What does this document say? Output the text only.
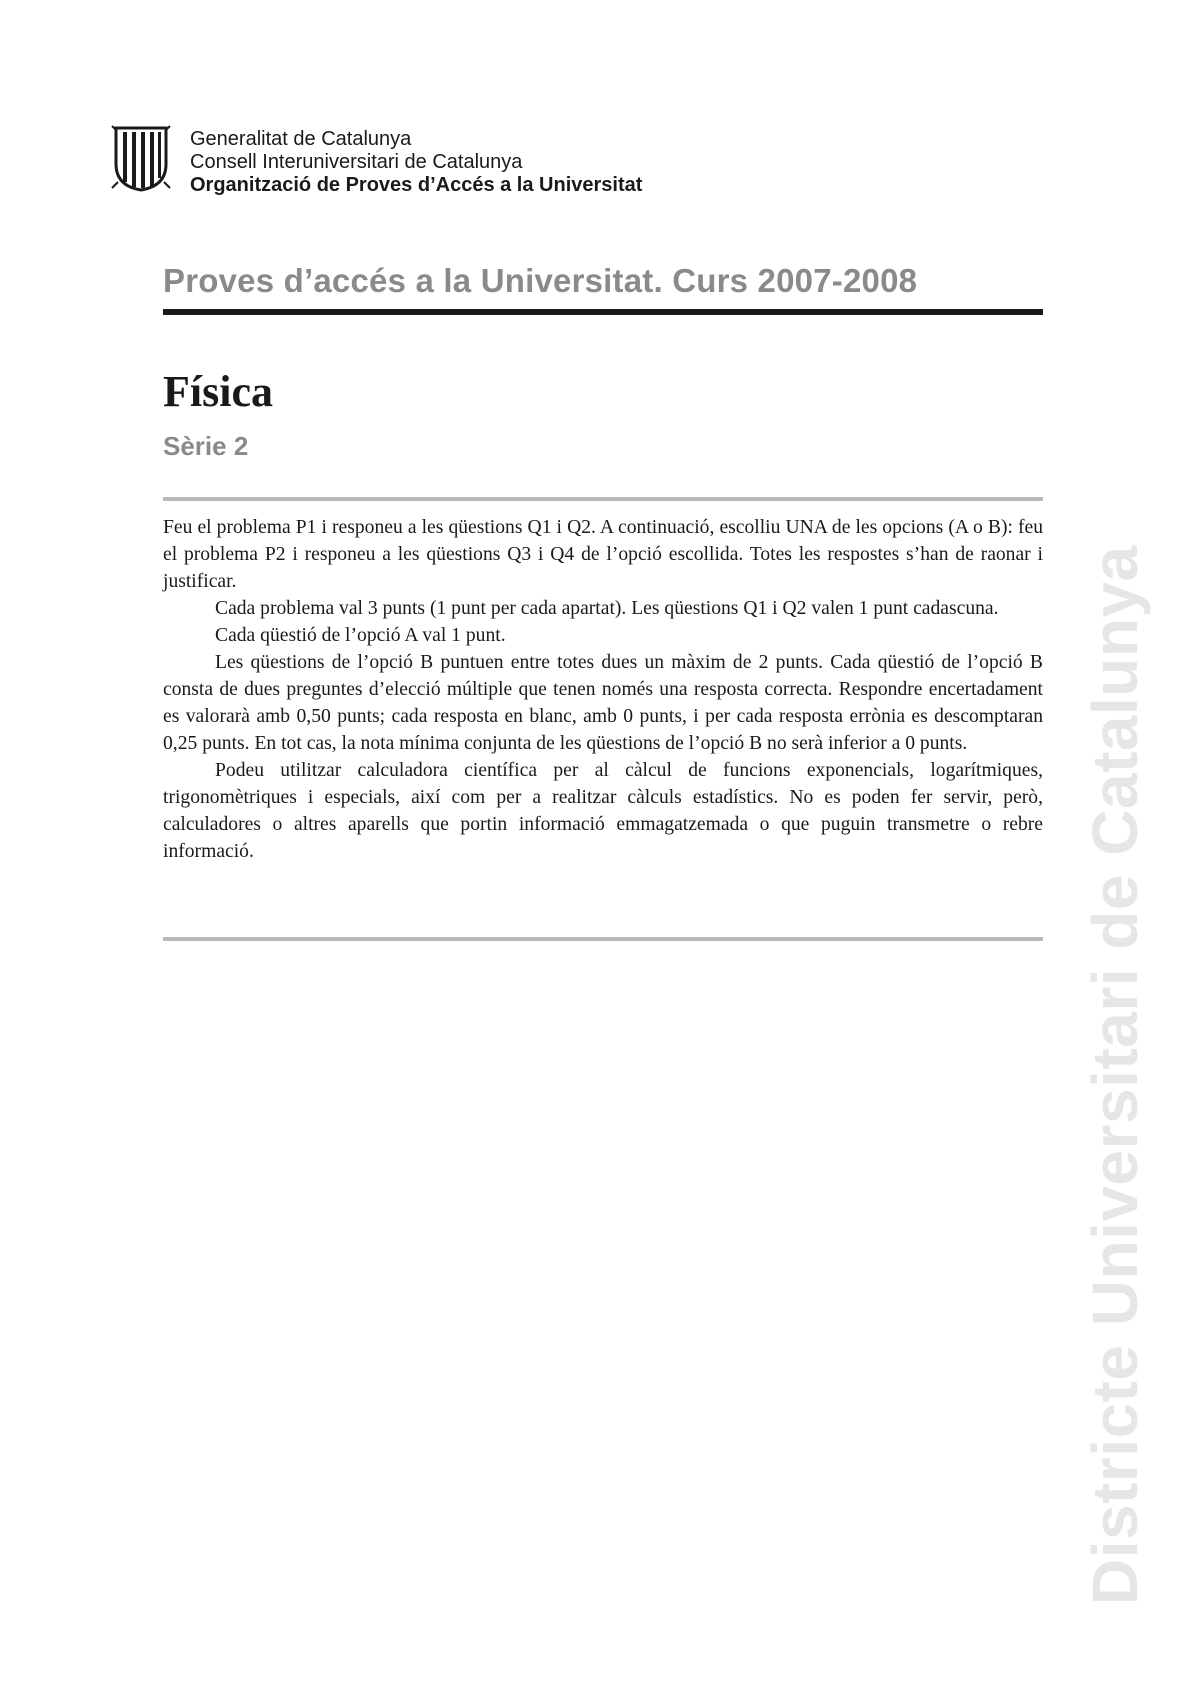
Generalitat de Catalunya
Consell Interuniversitari de Catalunya
Organització de Proves d’Accés a la Universitat
Proves d’accés a la Universitat. Curs 2007-2008
Física
Sèrie 2

Feu el problema P1 i responeu a les qüestions Q1 i Q2. A continuació, escolliu UNA de les opcions (A o B): feu el problema P2 i responeu a les qüestions Q3 i Q4 de l’opció escollida. Totes les respostes s’han de raonar i justificar.

Cada problema val 3 punts (1 punt per cada apartat). Les qüestions Q1 i Q2 valen 1 punt cadascuna.

Cada qüestió de l’opció A val 1 punt.

Les qüestions de l’opció B puntuen entre totes dues un màxim de 2 punts. Cada qüestió de l’opció B consta de dues preguntes d’elecció múltiple que tenen només una resposta correcta. Respondre encertadament es valorarà amb 0,50 punts; cada resposta en blanc, amb 0 punts, i per cada resposta errònia es descomptaran 0,25 punts. En tot cas, la nota mínima conjunta de les qüestions de l’opció B no serà inferior a 0 punts.

Podeu utilitzar calculadora científica per al càlcul de funcions exponencials, logarítmiques, trigonomètriques i especials, així com per a realitzar càlculs estadístics. No es poden fer servir, però, calculadores o altres aparells que portin informació emmagatzemada o que puguin transmetre o rebre informació.	Districte Universitari de Catalunya
